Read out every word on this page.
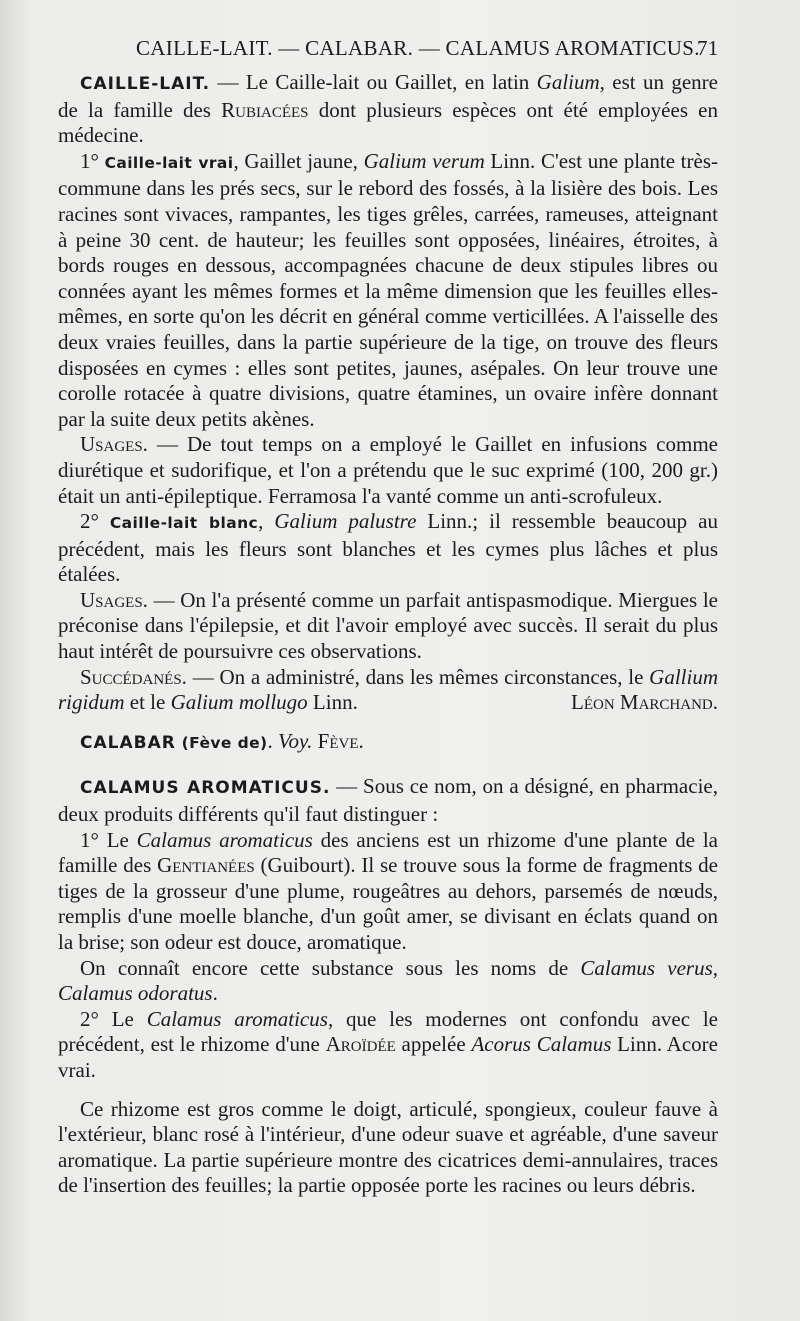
CAILLE-LAIT. — CALABAR. — CALAMUS AROMATICUS.
71

CAILLE-LAIT. — Le Caille-lait ou Gaillet, en latin Galium, est un genre de la famille des Rubiacées dont plusieurs espèces ont été employées en médecine.

1° Caille-lait vrai, Gaillet jaune, Galium verum Linn. C'est une plante très-commune dans les prés secs, sur le rebord des fossés, à la lisière des bois. Les racines sont vivaces, rampantes, les tiges grêles, carrées, rameuses, atteignant à peine 30 cent. de hauteur; les feuilles sont opposées, linéaires, étroites, à bords rouges en dessous, accompagnées chacune de deux stipules libres ou connées ayant les mêmes formes et la même dimension que les feuilles elles-mêmes, en sorte qu'on les décrit en général comme verticillées. A l'aisselle des deux vraies feuilles, dans la partie supérieure de la tige, on trouve des fleurs disposées en cymes : elles sont petites, jaunes, asépales. On leur trouve une corolle rotacée à quatre divisions, quatre étamines, un ovaire infère donnant par la suite deux petits akènes.

Usages. — De tout temps on a employé le Gaillet en infusions comme diurétique et sudorifique, et l'on a prétendu que le suc exprimé (100, 200 gr.) était un anti-épileptique. Ferramosa l'a vanté comme un anti-scrofuleux.

2° Caille-lait blanc, Galium palustre Linn.; il ressemble beaucoup au précédent, mais les fleurs sont blanches et les cymes plus lâches et plus étalées.

Usages. — On l'a présenté comme un parfait antispasmodique. Miergues le préconise dans l'épilepsie, et dit l'avoir employé avec succès. Il serait du plus haut intérêt de poursuivre ces observations.

Succédanés. — On a administré, dans les mêmes circonstances, le Gallium rigidum et le Galium mollugo Linn.	Léon Marchand.

CALABAR (Fève de). Voy. Fève.

CALAMUS AROMATICUS. — Sous ce nom, on a désigné, en pharmacie, deux produits différents qu'il faut distinguer :

1° Le Calamus aromaticus des anciens est un rhizome d'une plante de la famille des Gentianées (Guibourt). Il se trouve sous la forme de fragments de tiges de la grosseur d'une plume, rougeâtres au dehors, parsemés de nœuds, remplis d'une moelle blanche, d'un goût amer, se divisant en éclats quand on la brise; son odeur est douce, aromatique.

On connaît encore cette substance sous les noms de Calamus verus, Calamus odoratus.

2° Le Calamus aromaticus, que les modernes ont confondu avec le précédent, est le rhizome d'une Aroïdée appelée Acorus Calamus Linn. Acore vrai.

Ce rhizome est gros comme le doigt, articulé, spongieux, couleur fauve à l'extérieur, blanc rosé à l'intérieur, d'une odeur suave et agréable, d'une saveur aromatique. La partie supérieure montre des cicatrices demi-annulaires, traces de l'insertion des feuilles; la partie opposée porte les racines ou leurs débris.
